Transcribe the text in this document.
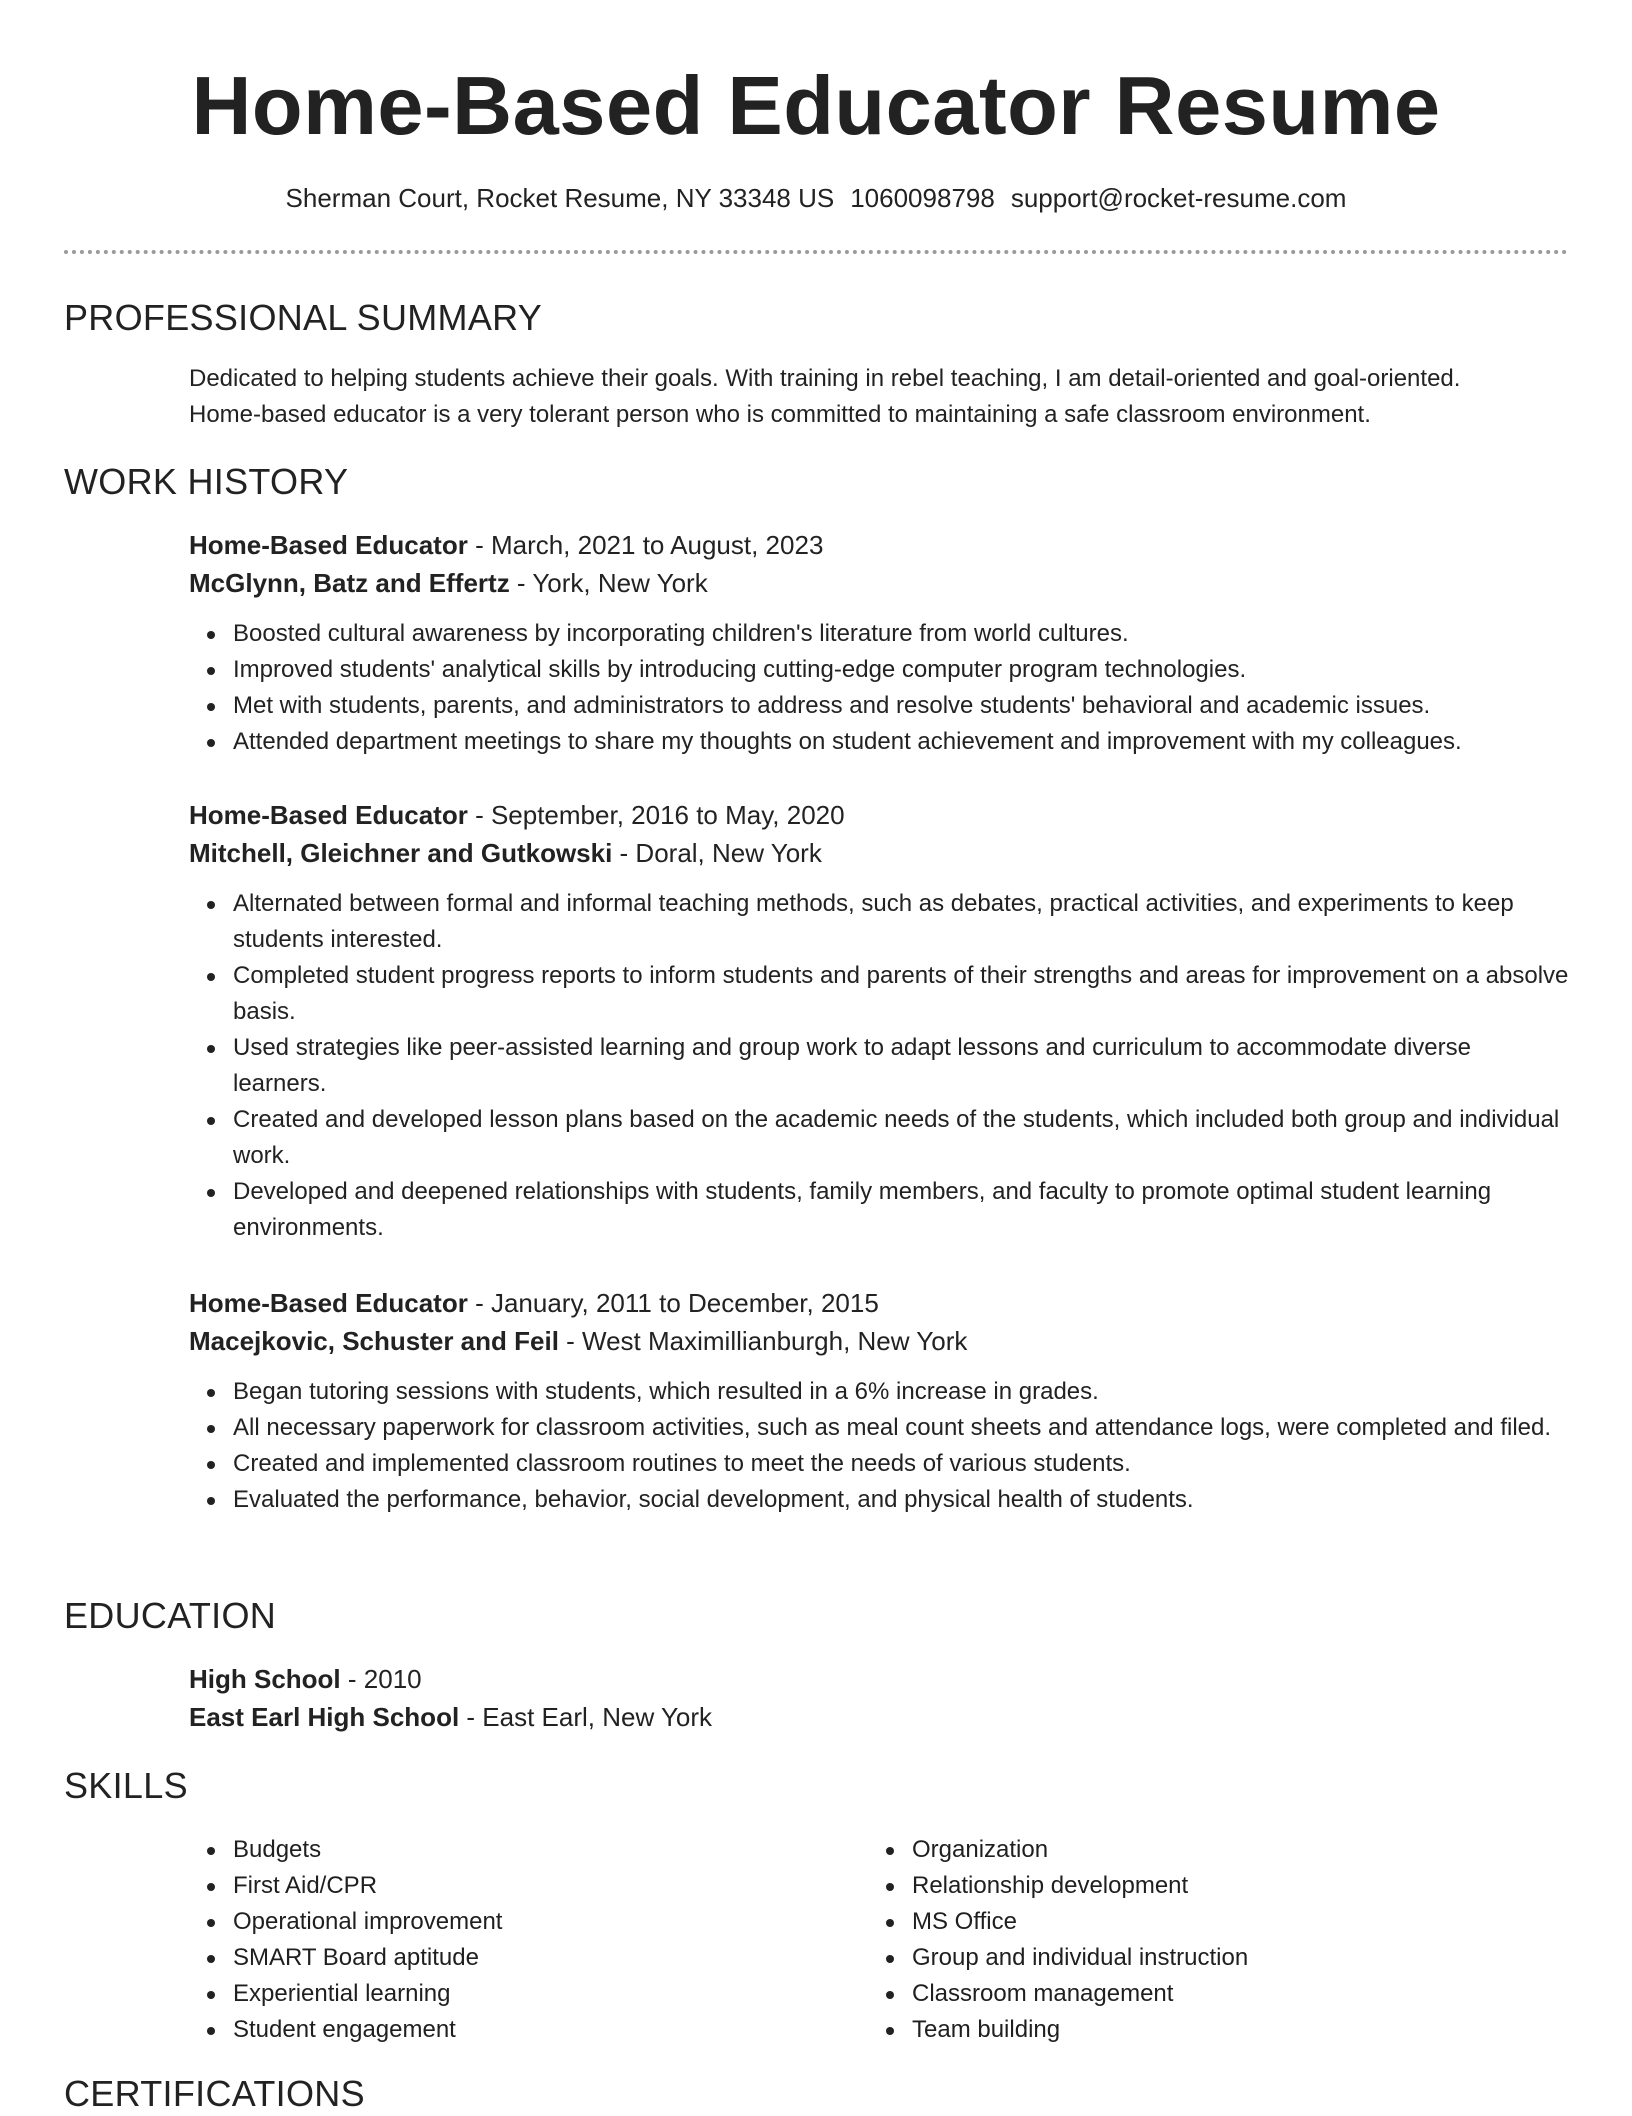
Home-Based Educator Resume
Sherman Court, Rocket Resume, NY 33348 US 1060098798 support@rocket-resume.com
PROFESSIONAL SUMMARY

Dedicated to helping students achieve their goals. With training in rebel teaching, I am detail-oriented and goal-oriented.

Home-based educator is a very tolerant person who is committed to maintaining a safe classroom environment.

WORK HISTORY
Home-Based Educator - March, 2021 to August, 2023
McGlynn, Batz and Effertz - York, New York
Boosted cultural awareness by incorporating children's literature from world cultures.
Improved students' analytical skills by introducing cutting-edge computer program technologies.
Met with students, parents, and administrators to address and resolve students' behavioral and academic issues.
Attended department meetings to share my thoughts on student achievement and improvement with my colleagues.
Home-Based Educator - September, 2016 to May, 2020
Mitchell, Gleichner and Gutkowski - Doral, New York
Alternated between formal and informal teaching methods, such as debates, practical activities, and experiments to keep students interested.
Completed student progress reports to inform students and parents of their strengths and areas for improvement on a absolve basis.
Used strategies like peer-assisted learning and group work to adapt lessons and curriculum to accommodate diverse learners.
Created and developed lesson plans based on the academic needs of the students, which included both group and individual work.
Developed and deepened relationships with students, family members, and faculty to promote optimal student learning environments.
Home-Based Educator - January, 2011 to December, 2015
Macejkovic, Schuster and Feil - West Maximillianburgh, New York
Began tutoring sessions with students, which resulted in a 6% increase in grades.
All necessary paperwork for classroom activities, such as meal count sheets and attendance logs, were completed and filed.
Created and implemented classroom routines to meet the needs of various students.
Evaluated the performance, behavior, social development, and physical health of students.
EDUCATION
High School - 2010
East Earl High School - East Earl, New York
SKILLS
Budgets
First Aid/CPR
Operational improvement
SMART Board aptitude
Experiential learning
Student engagement
Organization
Relationship development
MS Office
Group and individual instruction
Classroom management
Team building
CERTIFICATIONS
